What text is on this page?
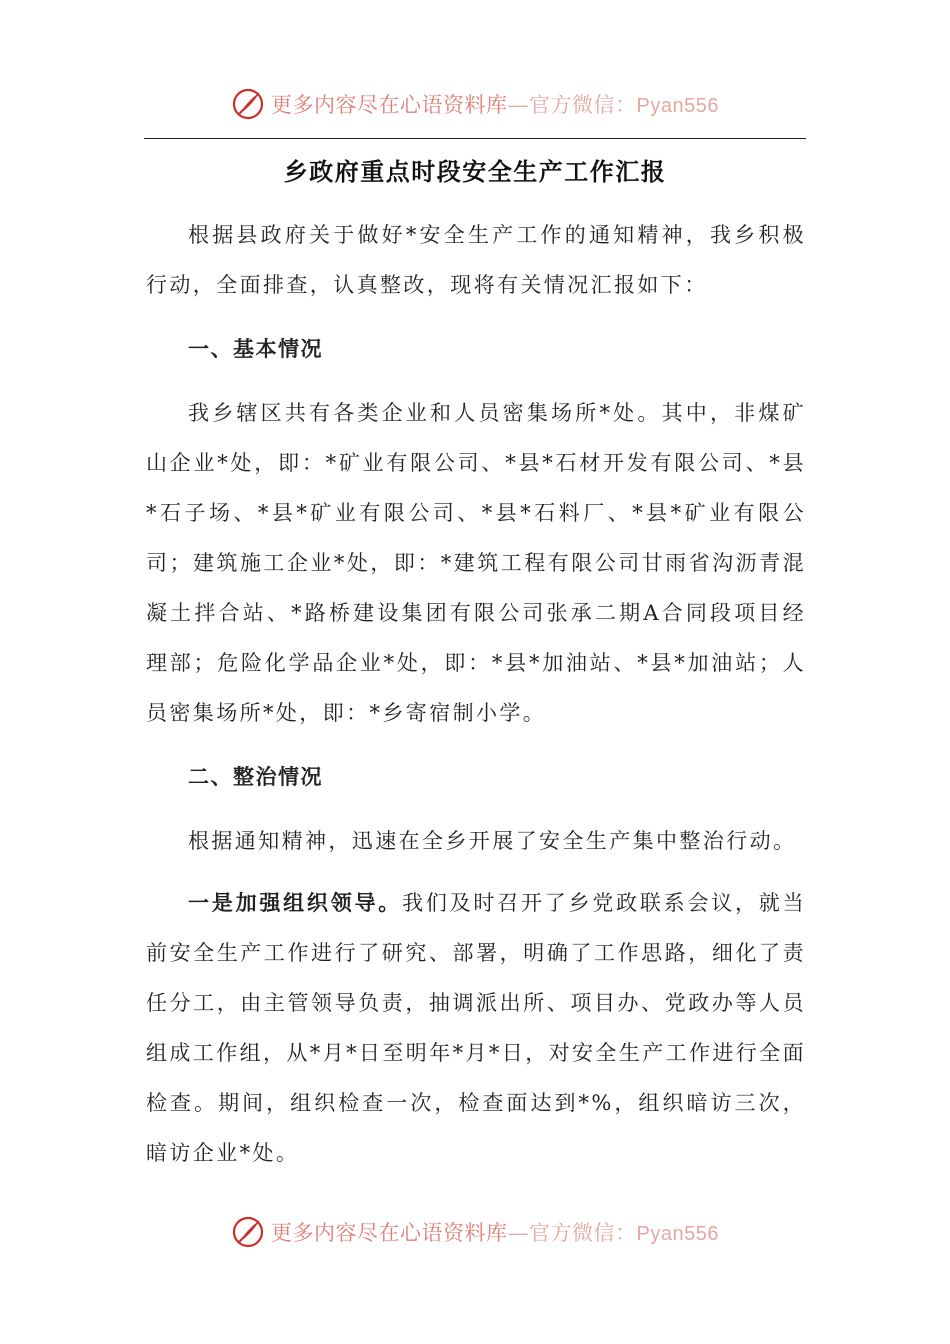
更多内容尽在心语资料库—官方微信：Pyan556
乡政府重点时段安全生产工作汇报

根据县政府关于做好*安全生产工作的通知精神，我乡积极行动，全面排查，认真整改，现将有关情况汇报如下：

一、基本情况

我乡辖区共有各类企业和人员密集场所*处。其中，非煤矿山企业*处，即：*矿业有限公司、*县*石材开发有限公司、*县*石子场、*县*矿业有限公司、*县*石料厂、*县*矿业有限公司；建筑施工企业*处，即：*建筑工程有限公司甘雨省沟沥青混凝土拌合站、*路桥建设集团有限公司张承二期A合同段项目经理部；危险化学品企业*处，即：*县*加油站、*县*加油站；人员密集场所*处，即：*乡寄宿制小学。

二、整治情况

根据通知精神，迅速在全乡开展了安全生产集中整治行动。

一是加强组织领导。我们及时召开了乡党政联系会议，就当前安全生产工作进行了研究、部署，明确了工作思路，细化了责任分工，由主管领导负责，抽调派出所、项目办、党政办等人员组成工作组，从*月*日至明年*月*日，对安全生产工作进行全面检查。期间，组织检查一次，检查面达到*%，组织暗访三次，暗访企业*处。

更多内容尽在心语资料库—官方微信：Pyan556
